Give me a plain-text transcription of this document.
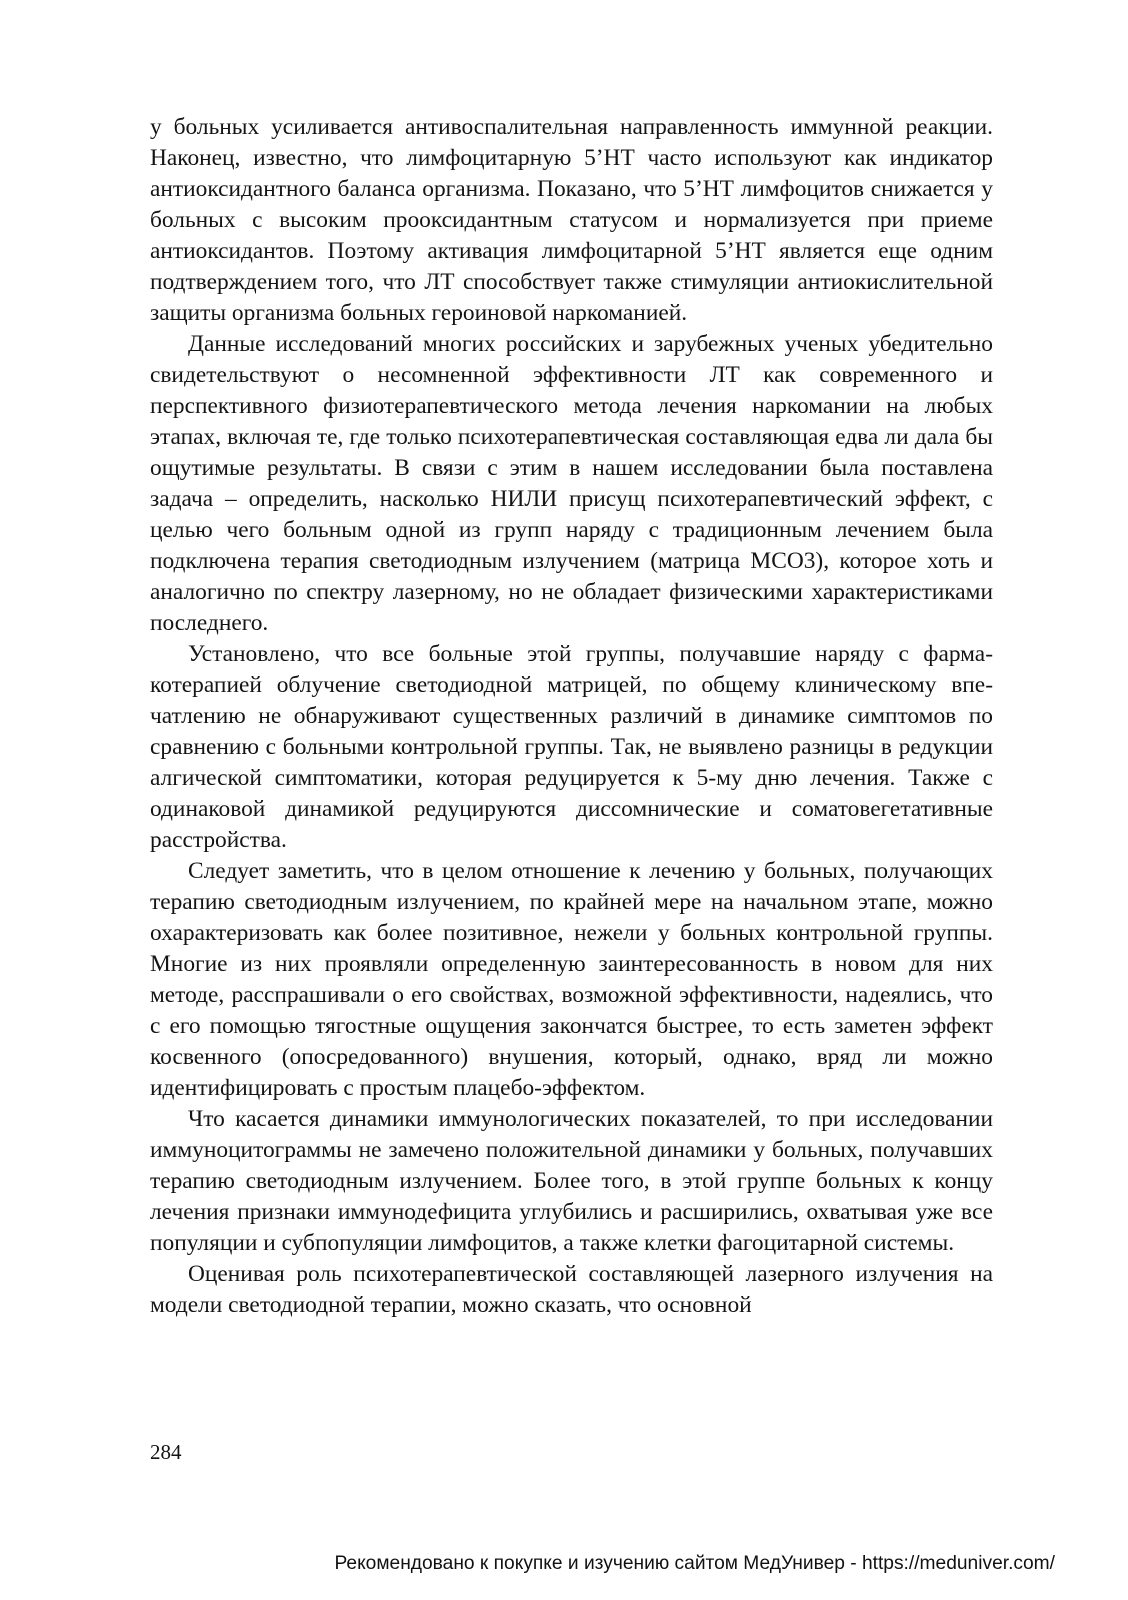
у больных усиливается антивоспалительная направленность иммунной реакции. Наконец, известно, что лимфоцитарную 5’НТ часто используют как индикатор антиоксидантного баланса организма. Показано, что 5’НТ лимфоцитов снижается у больных с высоким прооксидантным статусом и нормализуется при приеме антиоксидантов. Поэтому активация лимфоцитарной 5’НТ является еще одним подтверждением того, что ЛТ способствует также стимуляции антиокислительной защиты организма больных героиновой наркоманией.

Данные исследований многих российских и зарубежных ученых убедительно свидетельствуют о несомненной эффективности ЛТ как современного и перспективного физиотерапевтического метода лечения наркомании на любых этапах, включая те, где только психотерапевтическая составляющая едва ли дала бы ощутимые результаты. В связи с этим в нашем исследовании была поставлена задача – определить, насколько НИЛИ присущ психотерапевтический эффект, с целью чего больным одной из групп наряду с традиционным лечением была подключена терапия светодиодным излучением (матрица МСО3), которое хоть и аналогично по спектру лазерному, но не обладает физическими характеристиками последнего.

Установлено, что все больные этой группы, получавшие наряду с фармакотерапией облучение светодиодной матрицей, по общему клиническому впечатлению не обнаруживают существенных различий в динамике симптомов по сравнению с больными контрольной группы. Так, не выявлено разницы в редукции алгической симптоматики, которая редуцируется к 5-му дню лечения. Также с одинаковой динамикой редуцируются диссомнические и соматовегетативные расстройства.

Следует заметить, что в целом отношение к лечению у больных, получающих терапию светодиодным излучением, по крайней мере на начальном этапе, можно охарактеризовать как более позитивное, нежели у больных контрольной группы. Многие из них проявляли определенную заинтересованность в новом для них методе, расспрашивали о его свойствах, возможной эффективности, надеялись, что с его помощью тягостные ощущения закончатся быстрее, то есть заметен эффект косвенного (опосредованного) внушения, который, однако, вряд ли можно идентифицировать с простым плацебо-эффектом.

Что касается динамики иммунологических показателей, то при исследовании иммуноцитограммы не замечено положительной динамики у больных, получавших терапию светодиодным излучением. Более того, в этой группе больных к концу лечения признаки иммунодефицита углубились и расширились, охватывая уже все популяции и субпопуляции лимфоцитов, а также клетки фагоцитарной системы.

Оценивая роль психотерапевтической составляющей лазерного излучения на модели светодиодной терапии, можно сказать, что основной

284
Рекомендовано к покупке и изучению сайтом МедУнивер - https://meduniver.com/
